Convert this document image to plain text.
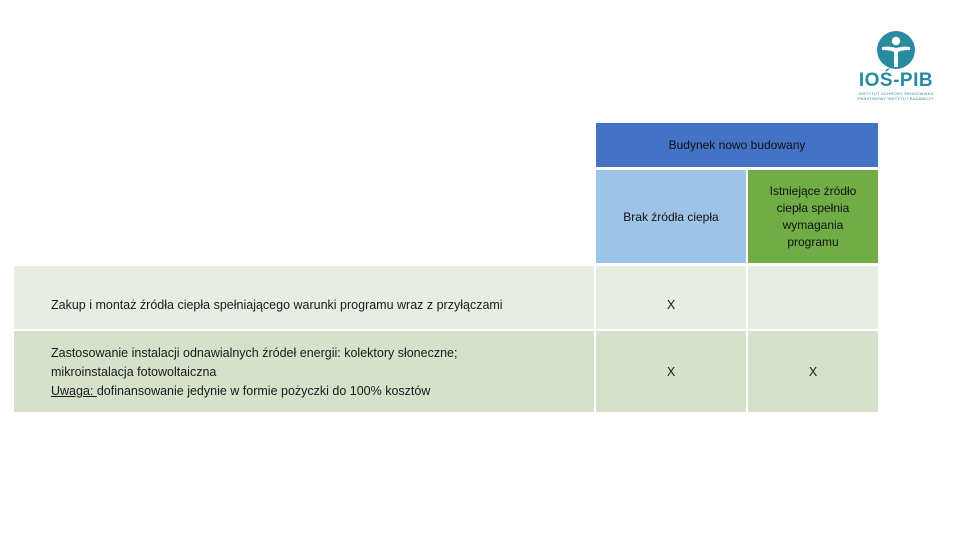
IOŚ-PIB
INSTYTUT OCHRONY ŚRODOWISKA PAŃSTWOWY INSTYTUT BADAWCZY
Budynek nowo budowany
Brak źródła ciepła
Istniejące źródło ciepła spełnia wymagania programu
Zakup i montaż źródła ciepła spełniającego warunki programu wraz z przyłączami	X
Zastosowanie instalacji odnawialnych źródeł energii: kolektory słoneczne;
mikroinstalacja fotowoltaiczna
Uwaga: dofinansowanie jedynie w formie pożyczki do 100% kosztów
X	X
